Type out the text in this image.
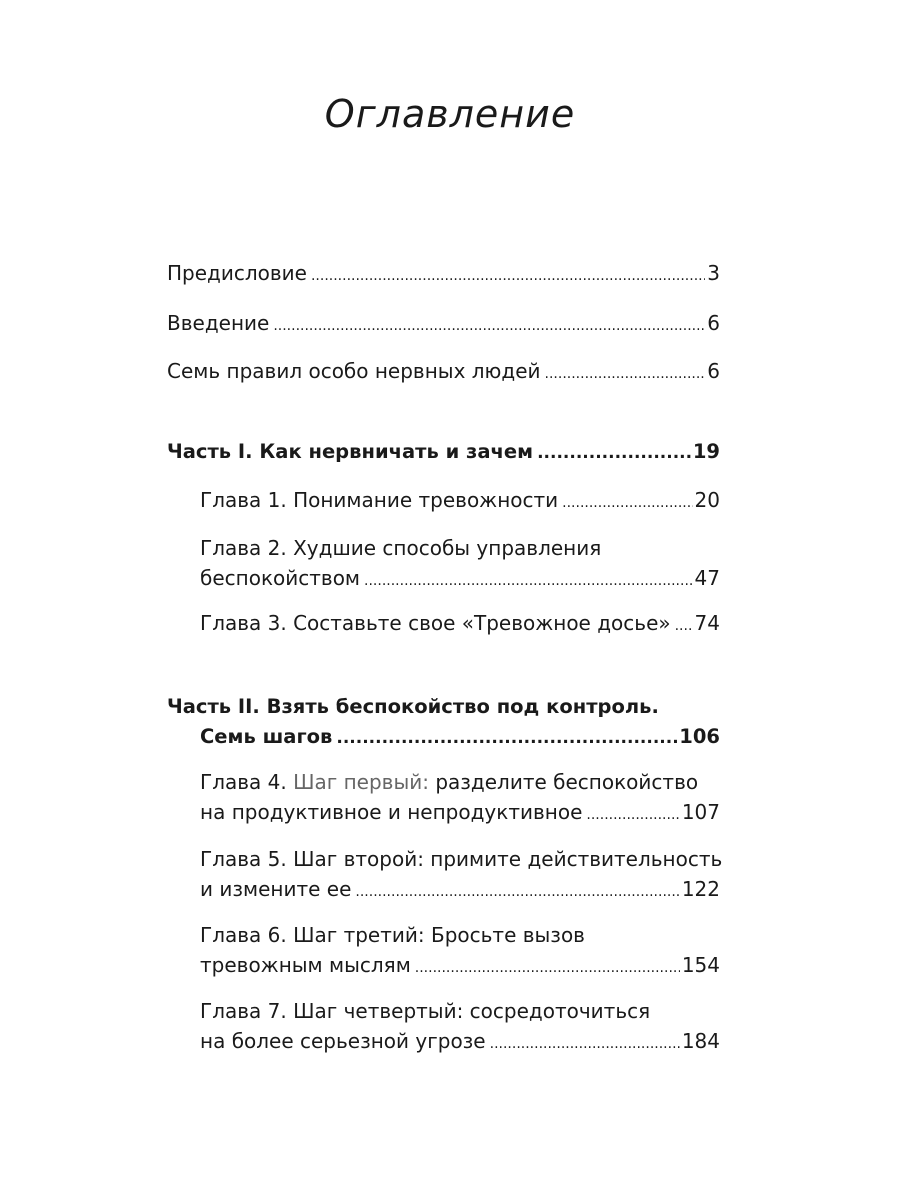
Оглавление
Предисловие .....	3
Введение .....	6
Семь правил особо нервных людей .....	6
Часть I. Как нервничать и зачем .....	19
Глава 1. Понимание тревожности .....	20
Глава 2. Худшие способы управления
беспокойством .....	47
Глава 3. Составьте свое «Тревожное досье» ..... 74
Часть II. Взять беспокойство под контроль.
Семь шагов .....	106
Глава 4. Шаг первый: разделите беспокойство
на продуктивное и непродуктивное .....	107
Глава 5. Шаг второй: примите действительность
и измените ее .....	122
Глава 6. Шаг третий: Бросьте вызов
тревожным мыслям .....	154
Глава 7. Шаг четвертый: сосредоточиться
на более серьезной угрозе .....	184
